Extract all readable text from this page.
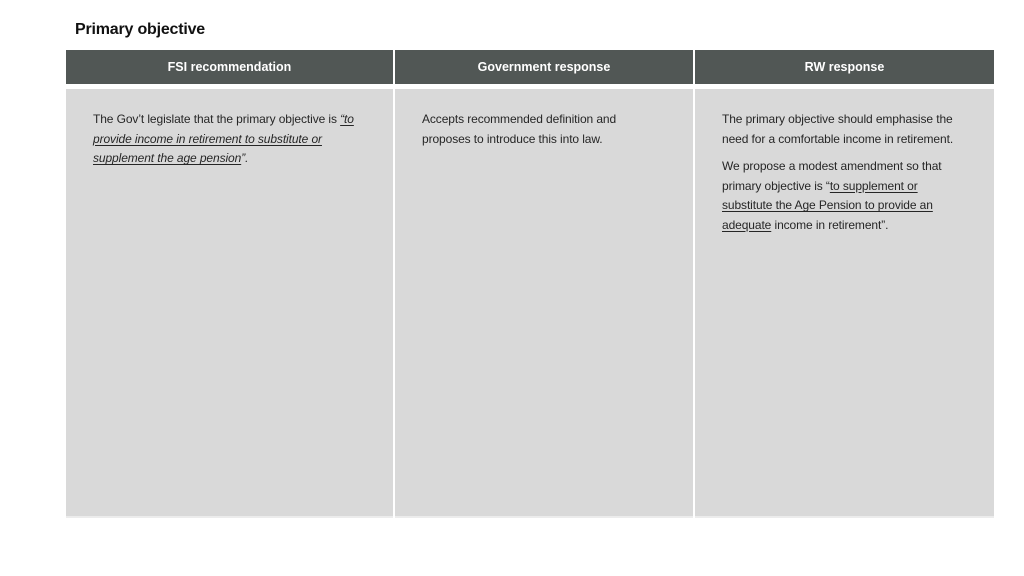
Primary objective
FSI recommendation	Government response	RW response

The Gov’t legislate that the primary objective is “to provide income in retirement to substitute or supplement the age pension”.

Accepts recommended definition and proposes to introduce this into law.

The primary objective should emphasise the need for a comfortable income in retirement.

We propose a modest amendment so that primary objective is “to supplement or substitute the Age Pension to provide an adequate income in retirement”.
